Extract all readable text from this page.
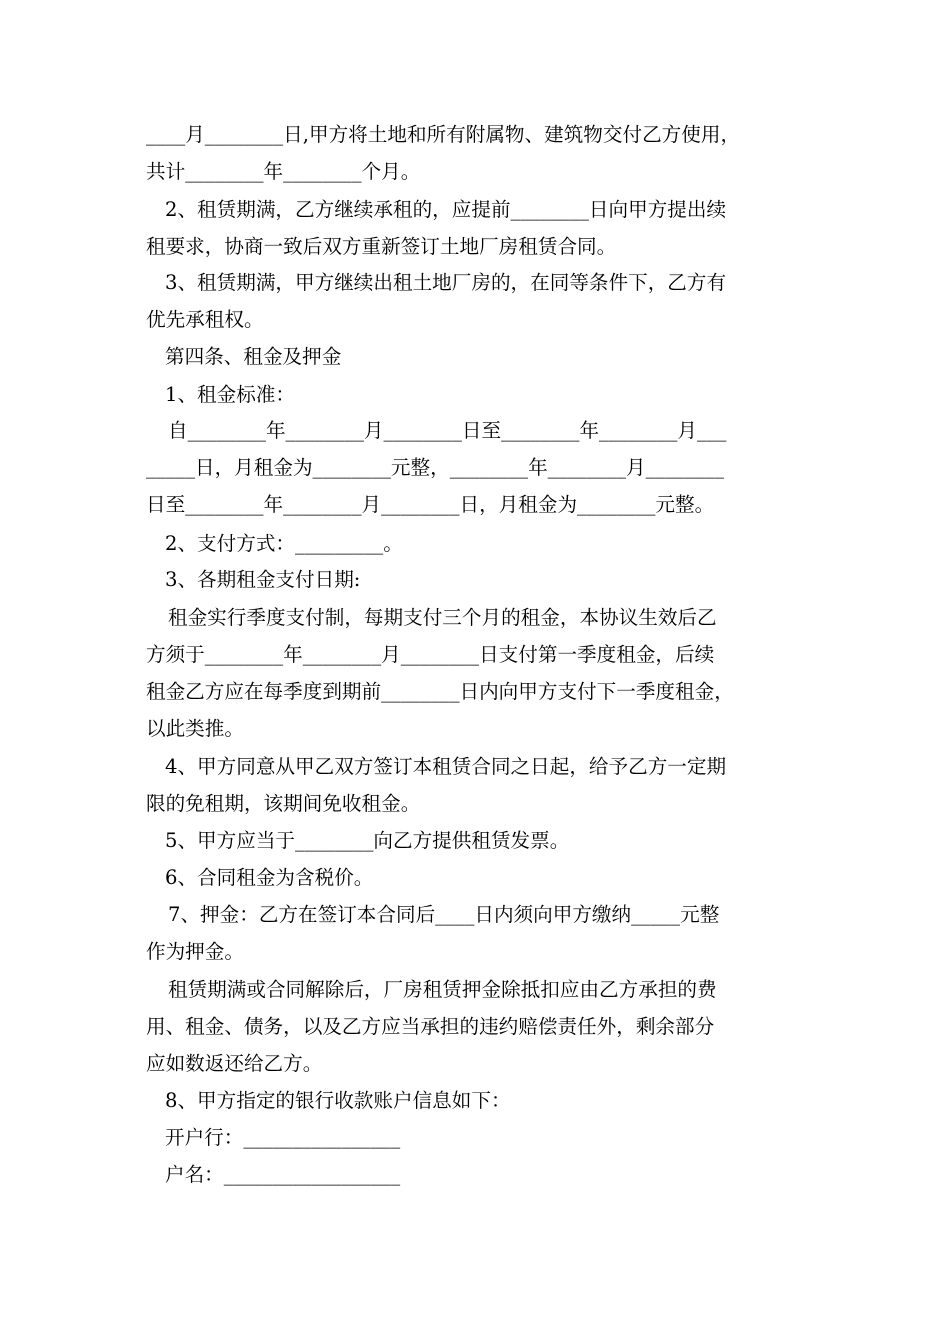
____月________日,甲方将土地和所有附属物、建筑物交付乙方使用，
共计________年________个月。
2、租赁期满，乙方继续承租的，应提前________日向甲方提出续
租要求，协商一致后双方重新签订土地厂房租赁合同。
3、租赁期满，甲方继续出租土地厂房的，在同等条件下，乙方有
优先承租权。
第四条、租金及押金
1、租金标准：
自________年________月________日至________年________月___
_____日，月租金为________元整，________年________月________
日至________年________月________日，月租金为________元整。
2、支付方式：_________。
3、各期租金支付日期:
租金实行季度支付制，每期支付三个月的租金，本协议生效后乙
方须于________年________月________日支付第一季度租金，后续
租金乙方应在每季度到期前________日内向甲方支付下一季度租金，
以此类推。
4、甲方同意从甲乙双方签订本租赁合同之日起，给予乙方一定期
限的免租期，该期间免收租金。
5、甲方应当于________向乙方提供租赁发票。
6、合同租金为含税价。
7、押金：乙方在签订本合同后____日内须向甲方缴纳_____元整
作为押金。
租赁期满或合同解除后，厂房租赁押金除抵扣应由乙方承担的费
用、租金、债务，以及乙方应当承担的违约赔偿责任外，剩余部分
应如数返还给乙方。
8、甲方指定的银行收款账户信息如下：
开户行：________________
户名：__________________
